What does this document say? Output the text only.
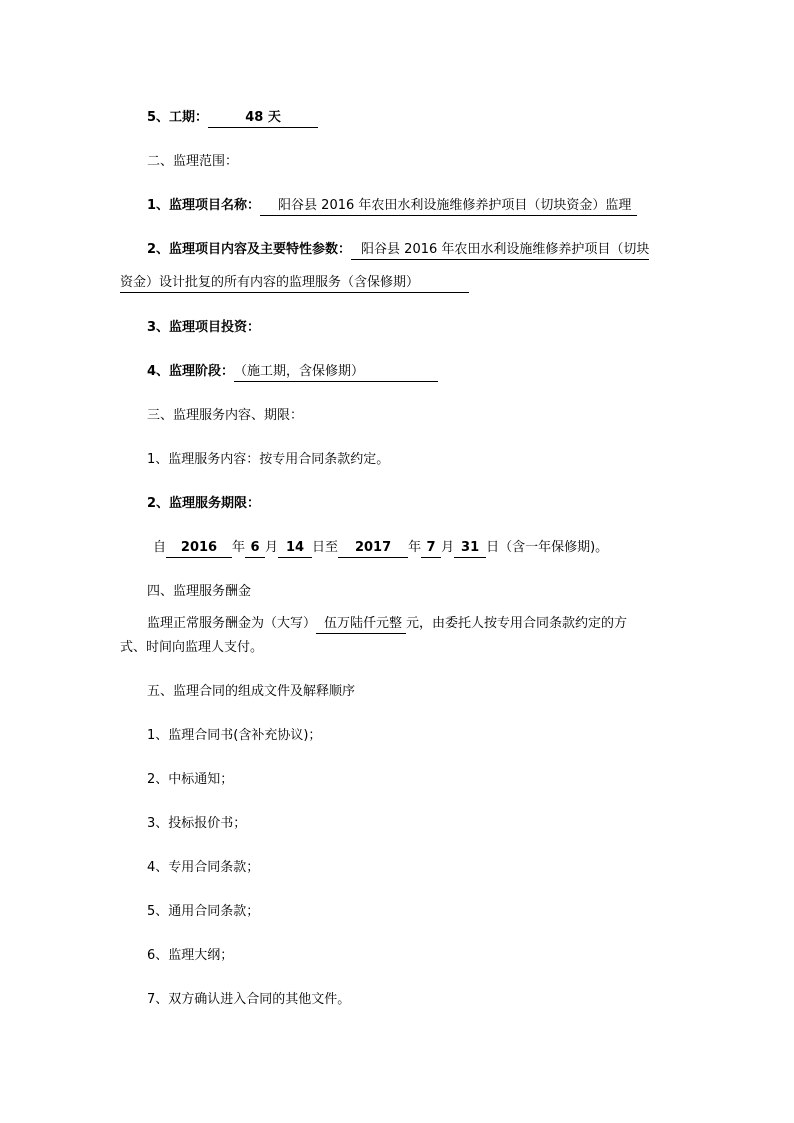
5、工期：	48 天
二、监理范围：
1、监理项目名称： 阳谷县 2016 年农田水利设施维修养护项目（切块资金）监理
2、监理项目内容及主要特性参数： 阳谷县 2016 年农田水利设施维修养护项目（切块
资金）设计批复的所有内容的监理服务（含保修期）
3、监理项目投资：
4、监理阶段：（施工期，含保修期）
三、监理服务内容、期限：
1、监理服务内容：按专用合同条款约定。
2、监理服务期限：
自 2016 年 6 月 14 日至 2017 年 7 月 31 日（含一年保修期)。
四、监理服务酬金
监理正常服务酬金为（大写） 伍万陆仟元整 元，由委托人按专用合同条款约定的方
式、时间向监理人支付。
五、监理合同的组成文件及解释顺序
1、监理合同书(含补充协议)；
2、中标通知；
3、投标报价书；
4、专用合同条款；
5、通用合同条款；
6、监理大纲；
7、双方确认进入合同的其他文件。
